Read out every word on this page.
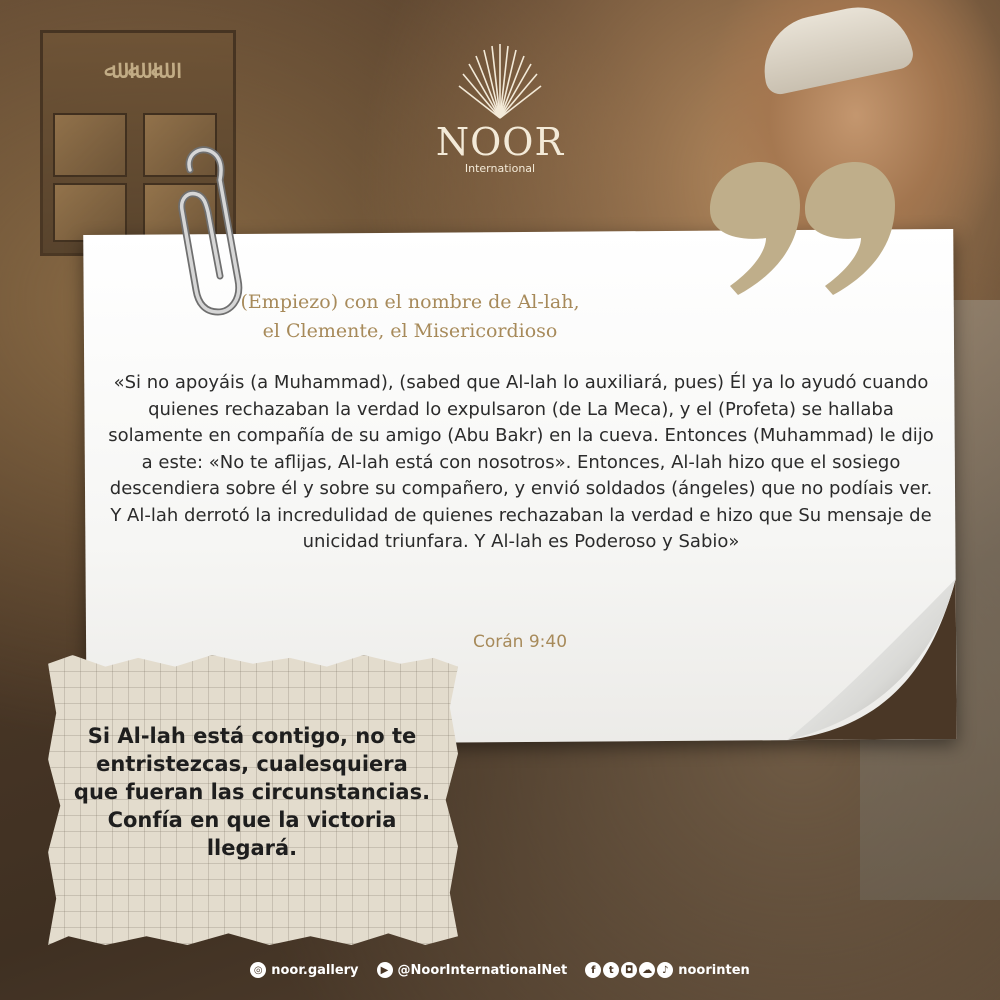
ﷲ ﷲ ﷲ
NOOR
International
(Empiezo) con el nombre de Al-lah,
el Clemente, el Misericordioso
«Si no apoyáis (a Muhammad), (sabed que Al-lah lo auxiliará, pues) Él ya lo ayudó cuando quienes rechazaban la verdad lo expulsaron (de La Meca), y el (Profeta) se hallaba solamente en compañía de su amigo (Abu Bakr) en la cueva. Entonces (Muhammad) le dijo a este: «No te aflijas, Al-lah está con nosotros». Entonces, Al-lah hizo que el sosiego descendiera sobre él y sobre su compañero, y envió soldados (ángeles) que no podíais ver. Y Al-lah derrotó la incredulidad de quienes rechazaban la verdad e hizo que Su mensaje de unicidad triunfara. Y Al-lah es Poderoso y Sabio»
Corán 9:40
Si Al-lah está contigo, no te entristezcas, cualesquiera que fueran las circunstancias. Confía en que la victoria llegará.
◎ noor.gallery	▶ @NoorInternationalNet	f	t	◘ ☁ ♪ noorinten
